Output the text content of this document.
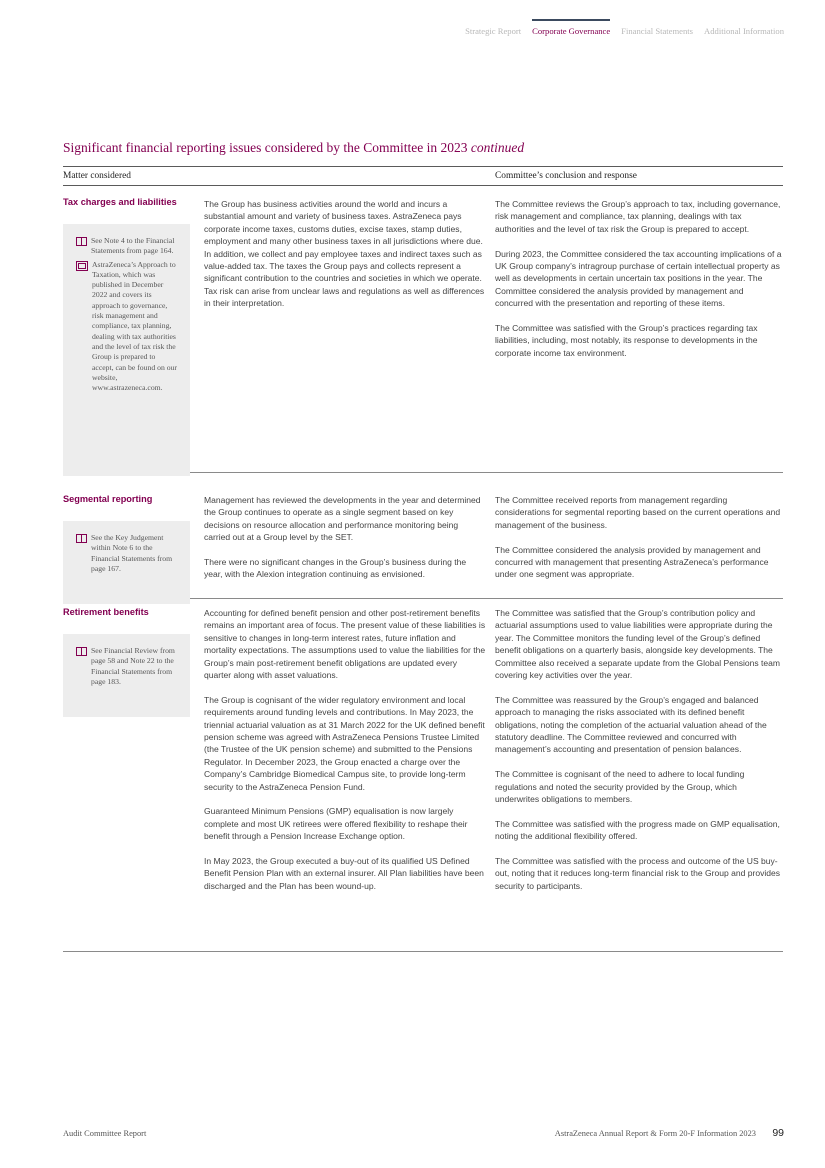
Strategic Report Corporate Governance Financial Statements Additional Information
Significant financial reporting issues considered by the Committee in 2023 continued
Matter considered	Committee’s conclusion and response
Tax charges and liabilities
See Note 4 to the Financial Statements from page 164.
AstraZeneca’s Approach to Taxation, which was published in December 2022 and covers its approach to governance, risk management and compliance, tax planning, dealing with tax authorities and the level of tax risk the Group is prepared to accept, can be found on our website, www.astrazeneca.com.

The Group has business activities around the world and incurs a substantial amount and variety of business taxes. AstraZeneca pays corporate income taxes, customs duties, excise taxes, stamp duties, employment and many other business taxes in all jurisdictions where due. In addition, we collect and pay employee taxes and indirect taxes such as value-added tax. The taxes the Group pays and collects represent a significant contribution to the countries and societies in which we operate. Tax risk can arise from unclear laws and regulations as well as differences in their interpretation.

The Committee reviews the Group’s approach to tax, including governance, risk management and compliance, tax planning, dealings with tax authorities and the level of tax risk the Group is prepared to accept.

During 2023, the Committee considered the tax accounting implications of a UK Group company’s intragroup purchase of certain intellectual property as well as developments in certain uncertain tax positions in the year. The Committee considered the analysis provided by management and concurred with the presentation and reporting of these items.

The Committee was satisfied with the Group’s practices regarding tax liabilities, including, most notably, its response to developments in the corporate income tax environment.

Segmental reporting
See the Key Judgement within Note 6 to the Financial Statements from page 167.

Management has reviewed the developments in the year and determined the Group continues to operate as a single segment based on key decisions on resource allocation and performance monitoring being carried out at a Group level by the SET.

There were no significant changes in the Group’s business during the year, with the Alexion integration continuing as envisioned.

The Committee received reports from management regarding considerations for segmental reporting based on the current operations and management of the business.

The Committee considered the analysis provided by management and concurred with management that presenting AstraZeneca’s performance under one segment was appropriate.

Retirement benefits
See Financial Review from page 58 and Note 22 to the Financial Statements from page 183.

Accounting for defined benefit pension and other post-retirement benefits remains an important area of focus. The present value of these liabilities is sensitive to changes in long-term interest rates, future inflation and mortality expectations. The assumptions used to value the liabilities for the Group’s main post-retirement benefit obligations are updated every quarter along with asset valuations.

The Group is cognisant of the wider regulatory environment and local requirements around funding levels and contributions. In May 2023, the triennial actuarial valuation as at 31 March 2022 for the UK defined benefit pension scheme was agreed with AstraZeneca Pensions Trustee Limited (the Trustee of the UK pension scheme) and submitted to the Pensions Regulator. In December 2023, the Group enacted a charge over the Company’s Cambridge Biomedical Campus site, to provide long-term security to the AstraZeneca Pension Fund.

Guaranteed Minimum Pensions (GMP) equalisation is now largely complete and most UK retirees were offered flexibility to reshape their benefit through a Pension Increase Exchange option.

In May 2023, the Group executed a buy-out of its qualified US Defined Benefit Pension Plan with an external insurer. All Plan liabilities have been discharged and the Plan has been wound-up.

The Committee was satisfied that the Group’s contribution policy and actuarial assumptions used to value liabilities were appropriate during the year. The Committee monitors the funding level of the Group’s defined benefit obligations on a quarterly basis, alongside key developments. The Committee also received a separate update from the Global Pensions team covering key activities over the year.

The Committee was reassured by the Group’s engaged and balanced approach to managing the risks associated with its defined benefit obligations, noting the completion of the actuarial valuation ahead of the statutory deadline. The Committee reviewed and concurred with management’s accounting and presentation of pension balances.

The Committee is cognisant of the need to adhere to local funding regulations and noted the security provided by the Group, which underwrites obligations to members.

The Committee was satisfied with the progress made on GMP equalisation, noting the additional flexibility offered.

The Committee was satisfied with the process and outcome of the US buy-out, noting that it reduces long-term financial risk to the Group and provides security to participants.

Audit Committee Report	AstraZeneca Annual Report & Form 20-F Information 2023 99
